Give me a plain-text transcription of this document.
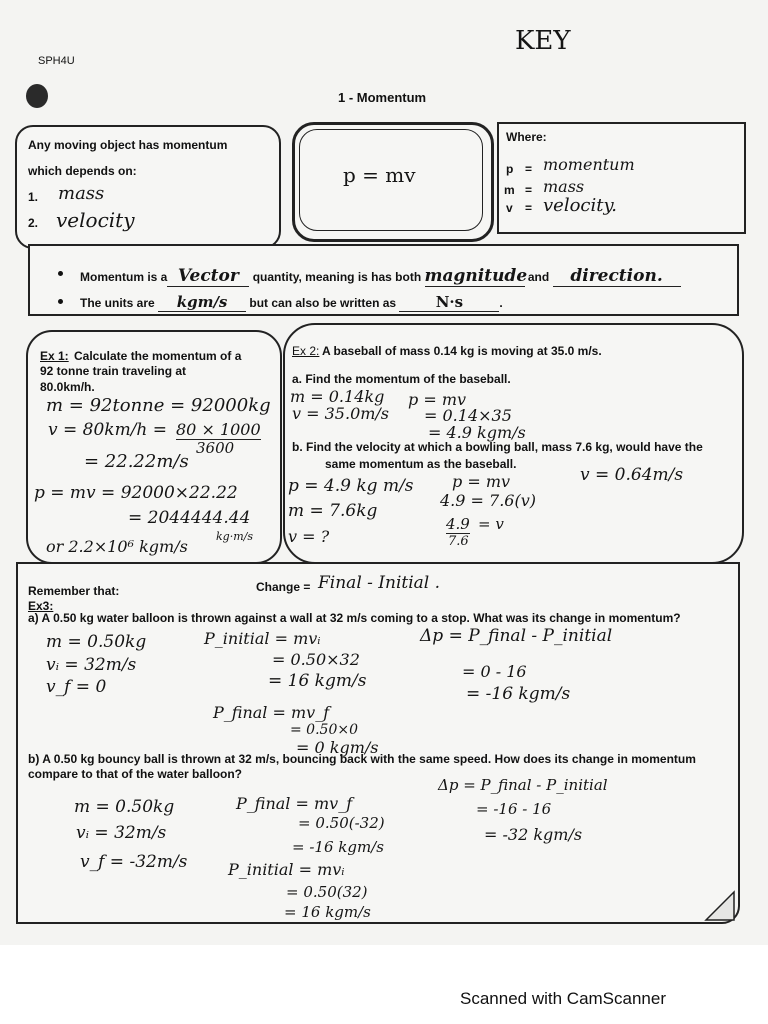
SPH4U
KEY
1 - Momentum
Any moving object has momentum
which depends on:
1. mass
2. velocity
p = mv
Where:
p = momentum
m = mass
v = velocity.
Momentum is a Vector quantity, meaning is has both magnitude and direction.
The units are kgm/s but can also be written as	N·s	.
Ex 1: Calculate the momentum of a
92 tonne train traveling at
80.0km/h.
m = 92tonne = 92000kg
v = 80km/h = 80 × 1000
3600
= 22.22m/s
p = mv = 92000×22.22
= 2044444.44
kg·m/s
or 2.2×10⁶ kgm/s
Ex 2: A baseball of mass 0.14 kg is moving at 35.0 m/s.
a. Find the momentum of the baseball.
m = 0.14kg
v = 35.0m/s
p = mv
= 0.14×35
= 4.9 kgm/s
b. Find the velocity at which a bowling ball, mass 7.6 kg, would have the
same momentum as the baseball.
p = 4.9 kg m/s
m = 7.6kg
v = ?
p = mv
4.9 = 7.6(v)
4.9
7.6
= v
v = 0.64m/s
Remember that:	Change = Final - Initial .
Ex3:
a) A 0.50 kg water balloon is thrown against a wall at 32 m/s coming to a stop. What was its change in momentum?
m = 0.50kg
vᵢ = 32m/s
v_f = 0
P_initial = mvᵢ
= 0.50×32
= 16 kgm/s
P_final = mv_f
= 0.50×0
= 0 kgm/s
Δp = P_final - P_initial
= 0 - 16
= -16 kgm/s
b) A 0.50 kg bouncy ball is thrown at 32 m/s, bouncing back with the same speed. How does its change in momentum
compare to that of the water balloon?
m = 0.50kg
vᵢ = 32m/s
v_f = -32m/s
P_final = mv_f
= 0.50(-32)
= -16 kgm/s
P_initial = mvᵢ
= 0.50(32)
= 16 kgm/s
Δp = P_final - P_initial
= -16 - 16
= -32 kgm/s
Scanned with CamScanner
